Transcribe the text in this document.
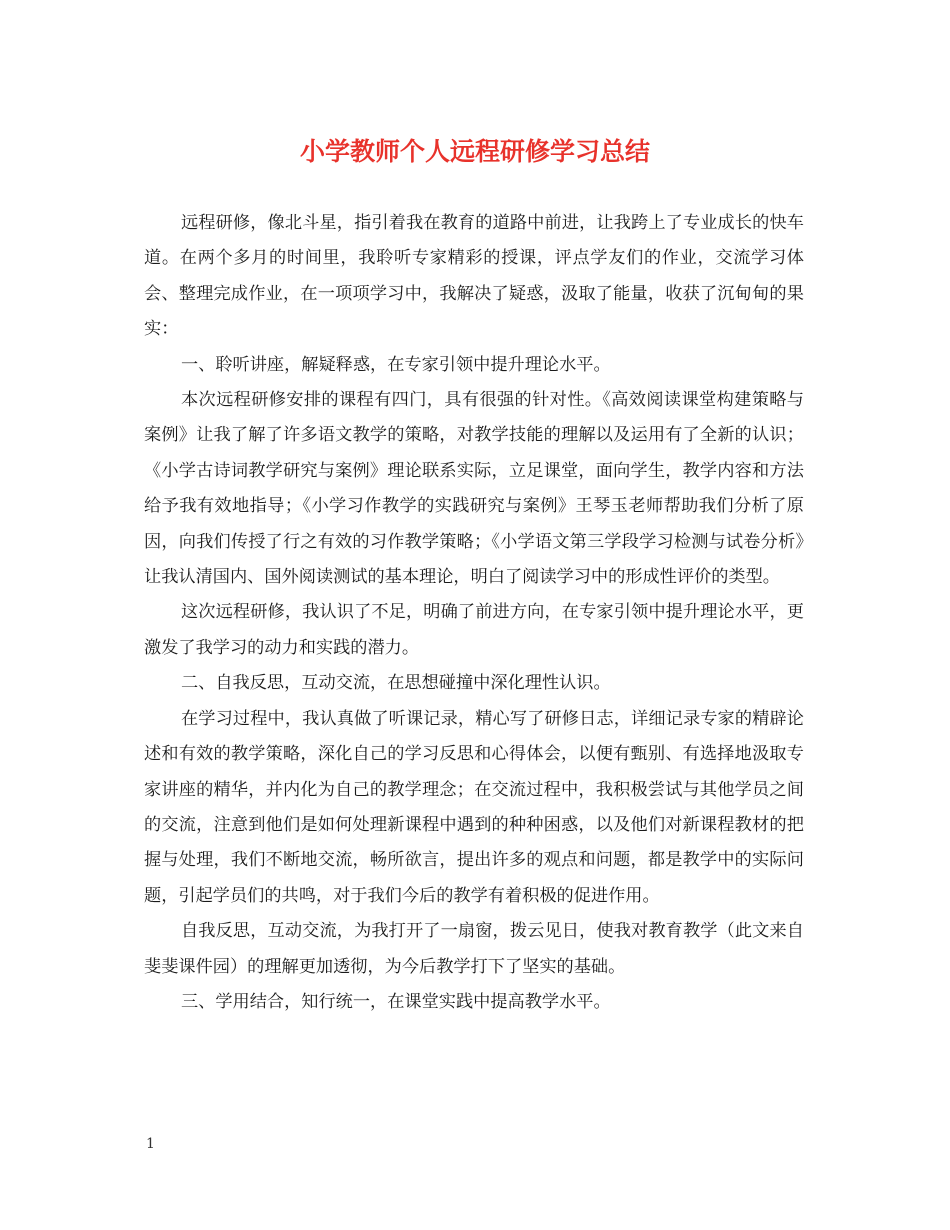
小学教师个人远程研修学习总结

远程研修，像北斗星，指引着我在教育的道路中前进，让我跨上了专业成长的快车道。在两个多月的时间里，我聆听专家精彩的授课，评点学友们的作业，交流学习体会、整理完成作业，在一项项学习中，我解决了疑惑，汲取了能量，收获了沉甸甸的果实：

一、聆听讲座，解疑释惑，在专家引领中提升理论水平。

本次远程研修安排的课程有四门，具有很强的针对性。《高效阅读课堂构建策略与案例》让我了解了许多语文教学的策略，对教学技能的理解以及运用有了全新的认识；《小学古诗词教学研究与案例》理论联系实际，立足课堂，面向学生，教学内容和方法给予我有效地指导；《小学习作教学的实践研究与案例》王琴玉老师帮助我们分析了原因，向我们传授了行之有效的习作教学策略；《小学语文第三学段学习检测与试卷分析》让我认清国内、国外阅读测试的基本理论，明白了阅读学习中的形成性评价的类型。

这次远程研修，我认识了不足，明确了前进方向，在专家引领中提升理论水平，更激发了我学习的动力和实践的潜力。

二、自我反思，互动交流，在思想碰撞中深化理性认识。

在学习过程中，我认真做了听课记录，精心写了研修日志，详细记录专家的精辟论述和有效的教学策略，深化自己的学习反思和心得体会，以便有甄别、有选择地汲取专家讲座的精华，并内化为自己的教学理念；在交流过程中，我积极尝试与其他学员之间的交流，注意到他们是如何处理新课程中遇到的种种困惑，以及他们对新课程教材的把握与处理，我们不断地交流，畅所欲言，提出许多的观点和问题，都是教学中的实际问题，引起学员们的共鸣，对于我们今后的教学有着积极的促进作用。

自我反思，互动交流，为我打开了一扇窗，拨云见日，使我对教育教学（此文来自斐斐课件园）的理解更加透彻，为今后教学打下了坚实的基础。

三、学用结合，知行统一，在课堂实践中提高教学水平。

1
